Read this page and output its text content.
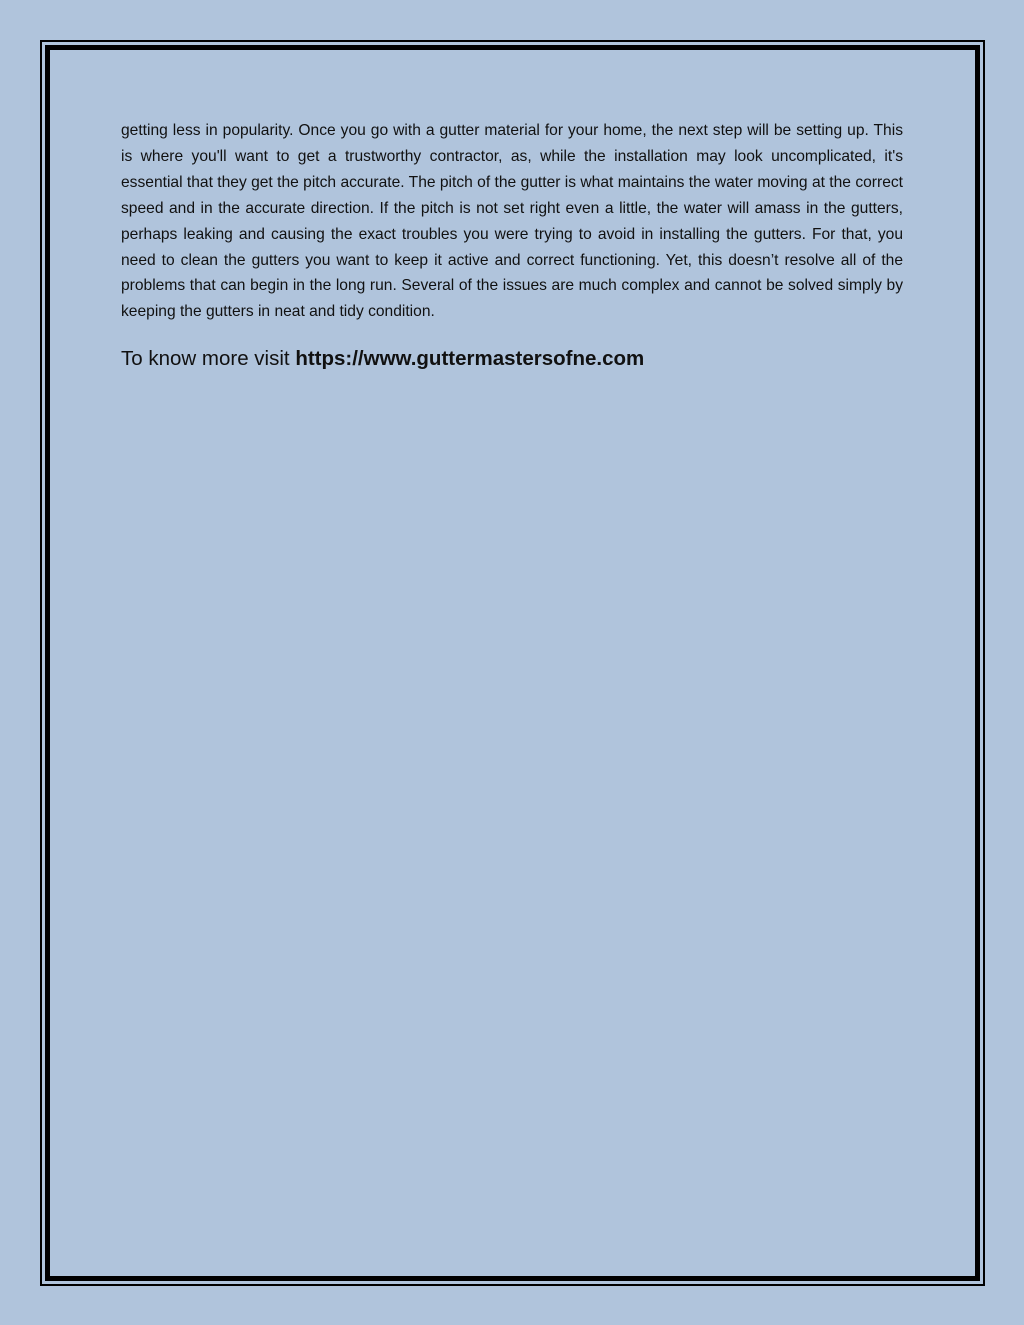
getting less in popularity. Once you go with a gutter material for your home, the next step will be setting up. This is where you'll want to get a trustworthy contractor, as, while the installation may look uncomplicated, it's essential that they get the pitch accurate. The pitch of the gutter is what maintains the water moving at the correct speed and in the accurate direction. If the pitch is not set right even a little, the water will amass in the gutters, perhaps leaking and causing the exact troubles you were trying to avoid in installing the gutters. For that, you need to clean the gutters you want to keep it active and correct functioning. Yet, this doesn’t resolve all of the problems that can begin in the long run. Several of the issues are much complex and cannot be solved simply by keeping the gutters in neat and tidy condition.

To know more visit https://www.guttermastersofne.com
